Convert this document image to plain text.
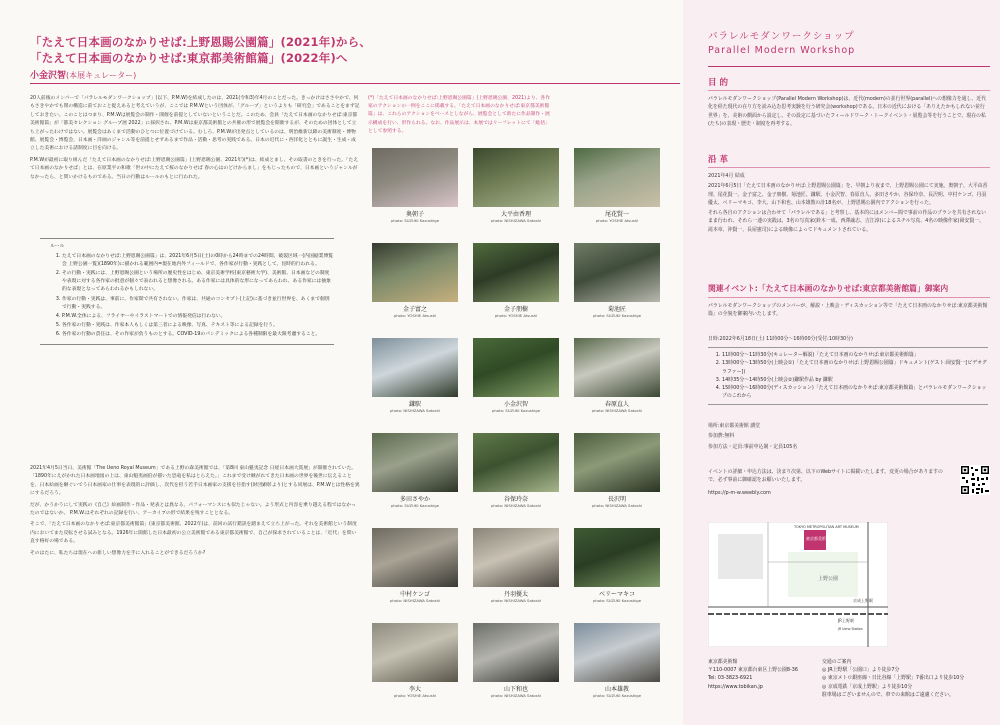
「たえて日本画のなかりせば:上野恩賜公園篇」(2021年)から、
「たえて日本画のなかりせば:東京都美術館篇」(2022年)へ
小金沢智(本展キュレーター)

20人前後のメンバーで「パラレルモダンワークショップ」(以下、P.M.W)を結成したのは、2021(令和3)年4月のことだった。きっかけはささやかで、何もさきやかでも閉の構造に前ておこと捉えあると考えていうが、ここでは P.M.Wという団体が、「グループ」というよりも「研究会」であることをまず記しておきたい。このことはつまり、P.M.Wは展覧会の制作・開催を前提としていないということだ。このため、会員「たえて日本画のなかりせば:東京都美術館篇」が「都美セレクション グループ展 2022」に採択され、P.M.Wは東京都美術館との共催の形で展覧会を開催するが、そのための団体として立ち上がったわけではない。展覧会はあくまで活動のひとつに位置づけている。むしろ、P.M.Wが出発点としているのは、明治維新以降の美術制度・博物館、展覧会・博覧会、日本画・洋画のジャンル等を前提とせずあるまで作品・活動・思考の実践である。日本の近代に・西洋化とともに誕生・生成・成立した美術における諸制度に目を向ける。

P.M.Wが最初に取り組んだ「たえて日本画のなかりせば:上野恩賜公園篇」(上野恩賜公園、2021年)(*)は、結成とまし、その取書のときを行った。「たえて日本画のなかりせば」とは、在原業平の和歌「世の中にたえて桜のなかりせば 春の心はのどけからまし」をもじったもので、日本画というジャンルがなかったら、と問いかけるものである。当日の行動はルールのもとに行われた。

ルール
1. たえて日本画のなかりせば:上野恩賜公園篇」は、2021年6月5日(土)の0時から24時までの24時間、破裂区域一(内国勧業博覧会 上野公園一覧)(1890年)に描かれる範囲内=現在地内外フィールドで、各作家が行動・実践として、昆時的行われる。
2. その行動・実践には、上野恩賜公園という場所の歴史性をはじめ、東京美術学校(東京藝術大学)、美術館、日本画などの制度や表現に対する各作家の批意が個々で表われると想像される。ある作家には具体的な形になってあらわれ、ある作家には抽象的な表現となってあらわれるかもしれない。
3. 作家の行動・実践は、事前に、作家間で共有されない。作家は、共通のコンセプト(上記)に基づき並行世界を、あくまで個別で行動・実践する。
4. P.M.W.全体による、フライヤーやイラストマートでの情報発信は行わない。
5. 各作家の行動・実践は、作家本人もしくは第三者による映像、写真、テキスト等による記録を行う。
6. 各作家の行動の責任は、その作家が負うものとする。COVID-19のパンデミックによる各種制限を最大限考慮すること。

2021年4月5日当日、美術館「The Ueno Royal Museum」である上野の森美術館では、「第8回 東山魁夷記念 日経日本画大賞展」が開催されていた。「1890年にえがかれた日本画地図の上は、東山魁夷画伯が描いた恐竜を私はとらえた。」これまで受け継がれてきた日本画の世界を後世に伝えることを、日本絵画を継ぐいでう日本画家の仕事を表現的に評価し、次代を担う若手日本画家の支援を目指す(財団顕彰より)とする同展は、P.M.Wとは性格を異にするだろう。

だが、かうかうにして実践の《自己》絵画制作・作品・発表とは異なる、パフォーマンスにも似たじゃない。よう形式と内容を乗り越える程ではなかったのではないか。 P.M.W.はそれぞれの記録を行い、アーカイブの形で結果を残すこととなる。

そこで、「たえて日本画のなかりせば:東京都美術館篇」(東京都美術館、2022年)は、前回の試行錯誤を踏まえて立ち上がった。それを美術館という制度内においてまた反転させる試みとなる。1926年に開館した日本最初の公立美術館である東京都美術館で、自己が探求されていることは、「近代」を問い直す格好の場である。

そのはたに、私たちは現在への新しい想像力を手に入れることができるだろうか?

(*)「たえて日本画のなかりせば:上野恩賜公園篇」(上野恩賜公園、2021)より、各作家のアクションの一例をここに掲載する。「たえて日本画のなかりせば:東京都美術館篇」は、これらのアクションをベースとしながら、展覧会として新たに作品制作・展示構成を行い、形作られる。なお、作品展示は、本展ではリーフレットにて「総括」として参照する。
奥朝子
photo: SUZUKI Kazushige
大平由香理
photo: NISHIZAWA Satoshi
尾花賢一
photo: YOSHIE Atsushi
金子富之
photo: YOSHIE Atsushi
金子朋樹
photo: YOSHIE Atsushi
菊池匠
photo: SUZUKI Kazushige
鎌駅
photo: NISHIZAWA Satoshi
小金沢智
photo: SUZUKI Kazushige
春原直人
photo: NISHIZAWA Satoshi
多田さやか
photo: SUZUKI Kazushige
谷保玲奈
photo: NISHIZAWA Satoshi
長沢明
photo: NISHIZAWA Satoshi
中村ケンゴ
photo: NISHIZAWA Satoshi
丹羽優太
photo: NISHIZAWA Satoshi
ベリーマキコ
photo: SUZUKI Kazushige
李大
photo: YOSHIE Atsushi
山下和也
photo: NISHIZAWA Satoshi
山本雄教
photo: SUZUKI Kazushige
パラレルモダンワークショップ
Parallel Modern Workshop
目 的
パラレルモダンワークショップ(Parallel Modern Workshop)は、近代(modern)の並行世界(parallel)への想像力を通し、近代化を経た現代の在り方を読み込む思考実験を行う研究会(workshop)である。日本の近代における「ありえたかもしれない並行世界」を、美術の側面から設定し、その設定に基づいたフィールドワーク・トークイベント・展覧会等を行うことで、現在の私(たち)の表現・歴史・制度を再考する。
沿 革

2021年4月 結成

2021年6月5日「たえて日本画のなかりせば:上野恩賜公園篇」を、早朝より夜まで、上野恩賜公園にて実施。奥朝子、大平由香理、尾花賢一、金子富之、金子朋樹、菊池匠、鎌駅、小金沢智、春原直人、多田さやか、谷保玲奈、長沢明、中村ケンゴ、丹羽優太、ベリーマキコ、李大、山下和也、山本雄教の計18名が、上野恩賜公園内でアクションを行った。

それら各自のアクションは合わせて「パラレルである」と考察し、基本的にはメンバー間で事前の作品のプランを共有されないまま行われ、それら一連の実践は、3名の写真家(鈴木一成、西澤諭志、吉江淳)によるスチル写真、4名の映像作家(岡安賢一、滝本章、沖賢一、長屋憲司)による映像によってドキュメントされている。

関連イベント:「たえて日本画のなかりせば:東京都美術館篇」御案内
パラレルモダンワークショップのメンバーが、解説・上映会・ディスカッション等で「たえて日本画のなかりせば:東京都美術館篇」の全貌を御案内いたします。
日時:2022年6月18日(土) 11時00分〜16時00分(受付:10時30分)
1. 11時00分〜11時30分(キュレーター解説)「たえて日本画のなかりせば:東京都美術館篇」
2. 13時00分〜13時50分(上映会①)「たえて日本画のなかりせば:上野恩賜公園篇」ドキュメント(ゲスト:岡安賢一[ビデオグラファー])
3. 14時35分〜14時50分(上映会②)鎌駅作品 by 鎌駅
4. 15時00分〜16時00分(ディスカッション)「たえて日本画のなかりせば:東京都美術館篇」とパラレルモダンワークショップのこれから

場所:東京都美術館 講堂

参加費:無料

参加方法・定員:事前申込制・定員105名

イベントの詳細・申込方法は、決まり次第、以下のWebサイトに掲載いたします。変更の場合がありますので、必ず事前に御確認をお願いいたします。
https://p-m-w.weebly.com
TOKYO METROPOLITAN ART MUSEUM
東京都美術館
上野公園
JR上野駅
JR Ueno Station
京成上野駅
東京都美術館
〒110-0007 東京都台東区上野公園8-36
Tel: 03-3823-6921
https://www.tobikan.jp
交通のご案内
◎ JR上野駅「公園口」より徒歩7分
◎ 東京メトロ銀座線・日比谷線「上野駅」7番出口より徒歩10分
◎ 京成電鉄「京成上野駅」より徒歩10分
駐車場はございませんので、車での来館はご遠慮ください。
